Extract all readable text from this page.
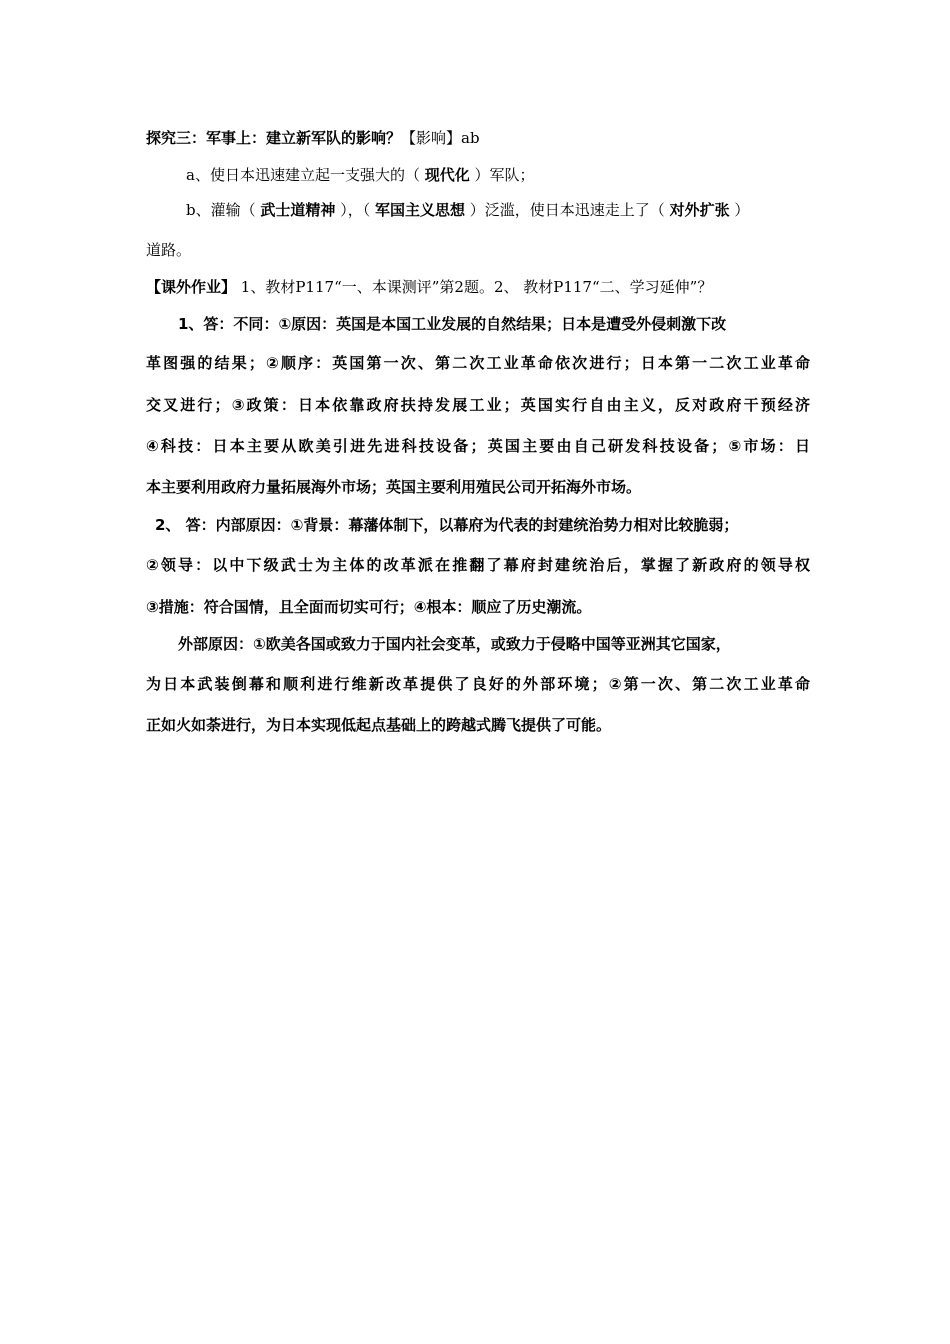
探究三：军事上：建立新军队的影响？【影响】ab
a、使日本迅速建立起一支强大的（ 现代化 ）军队；
b、灌输（ 武士道精神 ），（ 军国主义思想 ）泛滥，使日本迅速走上了（ 对外扩张 ）
道路。
【课外作业】 1、教材P117“一、本课测评”第2题。2、 教材P117“二、学习延伸”？
1、答：不同：①原因：英国是本国工业发展的自然结果；日本是遭受外侵刺激下改
革图强的结果；②顺序：英国第一次、第二次工业革命依次进行；日本第一二次工业革命
交叉进行；③政策：日本依靠政府扶持发展工业；英国实行自由主义，反对政府干预经济
④科技：日本主要从欧美引进先进科技设备；英国主要由自己研发科技设备；⑤市场：日
本主要利用政府力量拓展海外市场；英国主要利用殖民公司开拓海外市场。
2、 答：内部原因：①背景：幕藩体制下，以幕府为代表的封建统治势力相对比较脆弱；
②领导：以中下级武士为主体的改革派在推翻了幕府封建统治后，掌握了新政府的领导权
③措施：符合国情，且全面而切实可行；④根本：顺应了历史潮流。
外部原因：①欧美各国或致力于国内社会变革，或致力于侵略中国等亚洲其它国家，
为日本武装倒幕和顺利进行维新改革提供了良好的外部环境；②第一次、第二次工业革命
正如火如荼进行，为日本实现低起点基础上的跨越式腾飞提供了可能。
